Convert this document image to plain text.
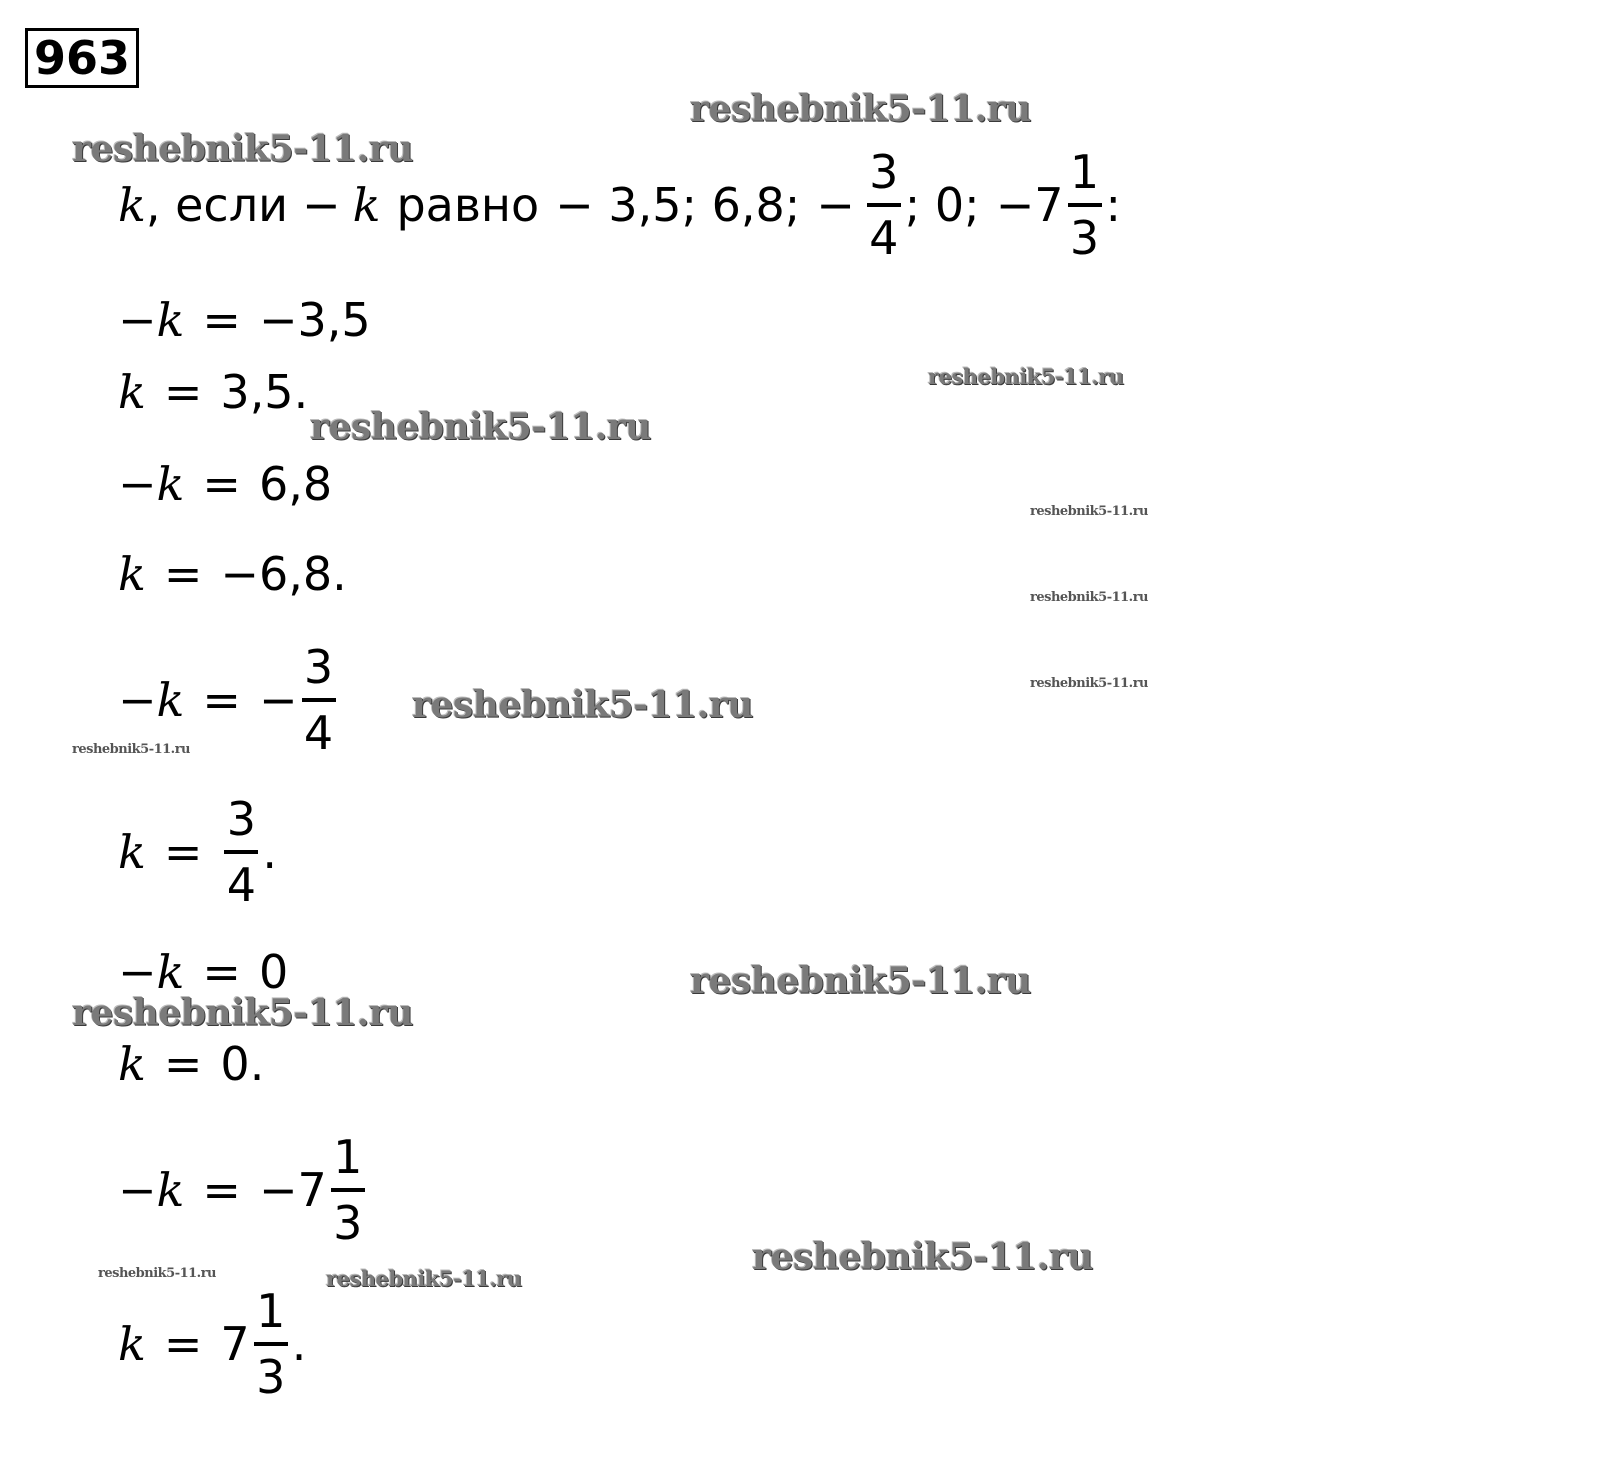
963
k , если − k равно − 3,5; 6,8; − $\frac{3}{4}$ ; 0; $-7 \frac{1}{3}$ :
−k = −3,5
k = 3,5.
−k = 6,8
k = −6,8.
−k = − $\frac{3}{4}$
$k = \frac{3}{4}$ .
−k = 0
k = 0.
$-k = -7 \frac{1}{3}$
$k = 7 \frac{1}{3}$ .
reshebnik5-11.ru
reshebnik5-11.ru
reshebnik5-11.ru
reshebnik5-11.ru
reshebnik5-11.ru
reshebnik5-11.ru
reshebnik5-11.ru
reshebnik5-11.ru
reshebnik5-11.ru
reshebnik5-11.ru
reshebnik5-11.ru
reshebnik5-11.ru
reshebnik5-11.ru	reshebnik5-11.ru
